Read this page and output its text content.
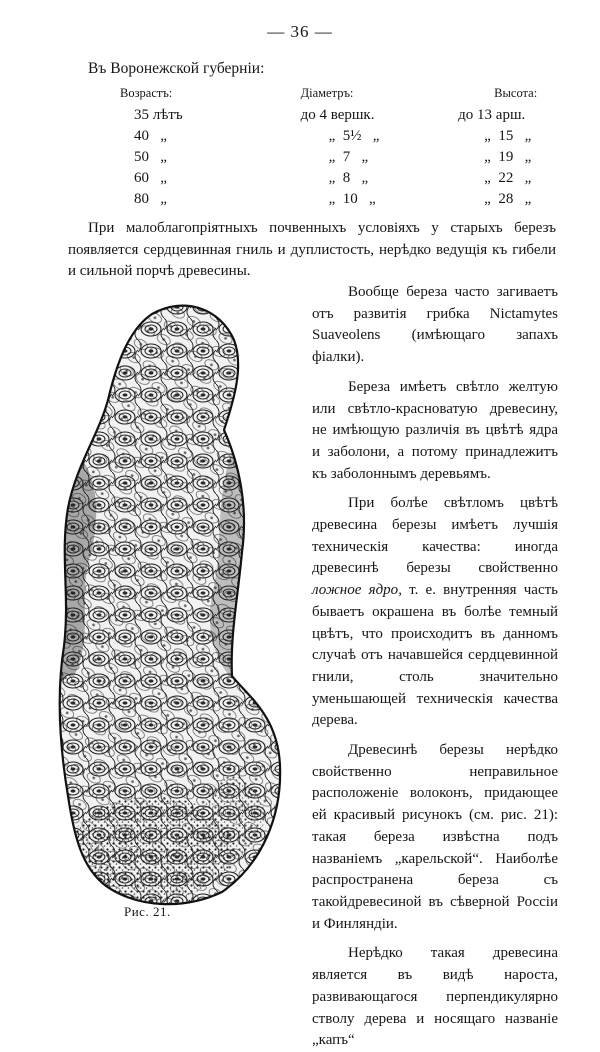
— 36 —
Въ Воронежской губерніи:
Возрастъ:	Діаметръ:	Высота:
35 лѣтъ	до 4 вершк.	до 13 арш.
40   „	„  5½   „	„  15   „
50   „	„  7   „	„  19   „
60   „	„  8   „	„  22   „
80   „	„  10   „	„  28   „

При малоблагопріятныхъ почвенныхъ условіяхъ у старыхъ березъ появляется сердцевинная гниль и дуплистость, нерѣдко ведущія къ гибели и сильной порчѣ древесины.

Вообще береза часто загиваетъ отъ развитія грибка Nictamytes Suaveolens (имѣющаго запахъ фіалки).

Береза имѣетъ свѣтло желтую или свѣтло-красноватую древесину, не имѣющую различія въ цвѣтѣ ядра и заболони, а потому принадлежитъ къ заболоннымъ деревьямъ.

При болѣе свѣтломъ цвѣтѣ древесина березы имѣетъ лучшія техническія качества: иногда древесинѣ березы свойственно ложное ядро, т. е. внутренняя часть бываетъ окрашена въ болѣе темный цвѣтъ, что происходитъ въ данномъ случаѣ отъ начавшейся сердцевинной гнили, столь значительно уменьшающей техническія качества дерева.

Древесинѣ березы нерѣдко свойственно неправильное расположеніе волоконъ, придающее ей красивый рисунокъ (см. рис. 21): такая береза извѣстна подъ названіемъ „карельской“. Наиболѣе распространена береза съ такойдревесиной въ сѣверной Россіи и Финляндіи.

Нерѣдко такая древесина является въ видѣ нароста, развивающагося перпендикулярно стволу дерева и носящаго названіе „капъ“

Рис. 21.
